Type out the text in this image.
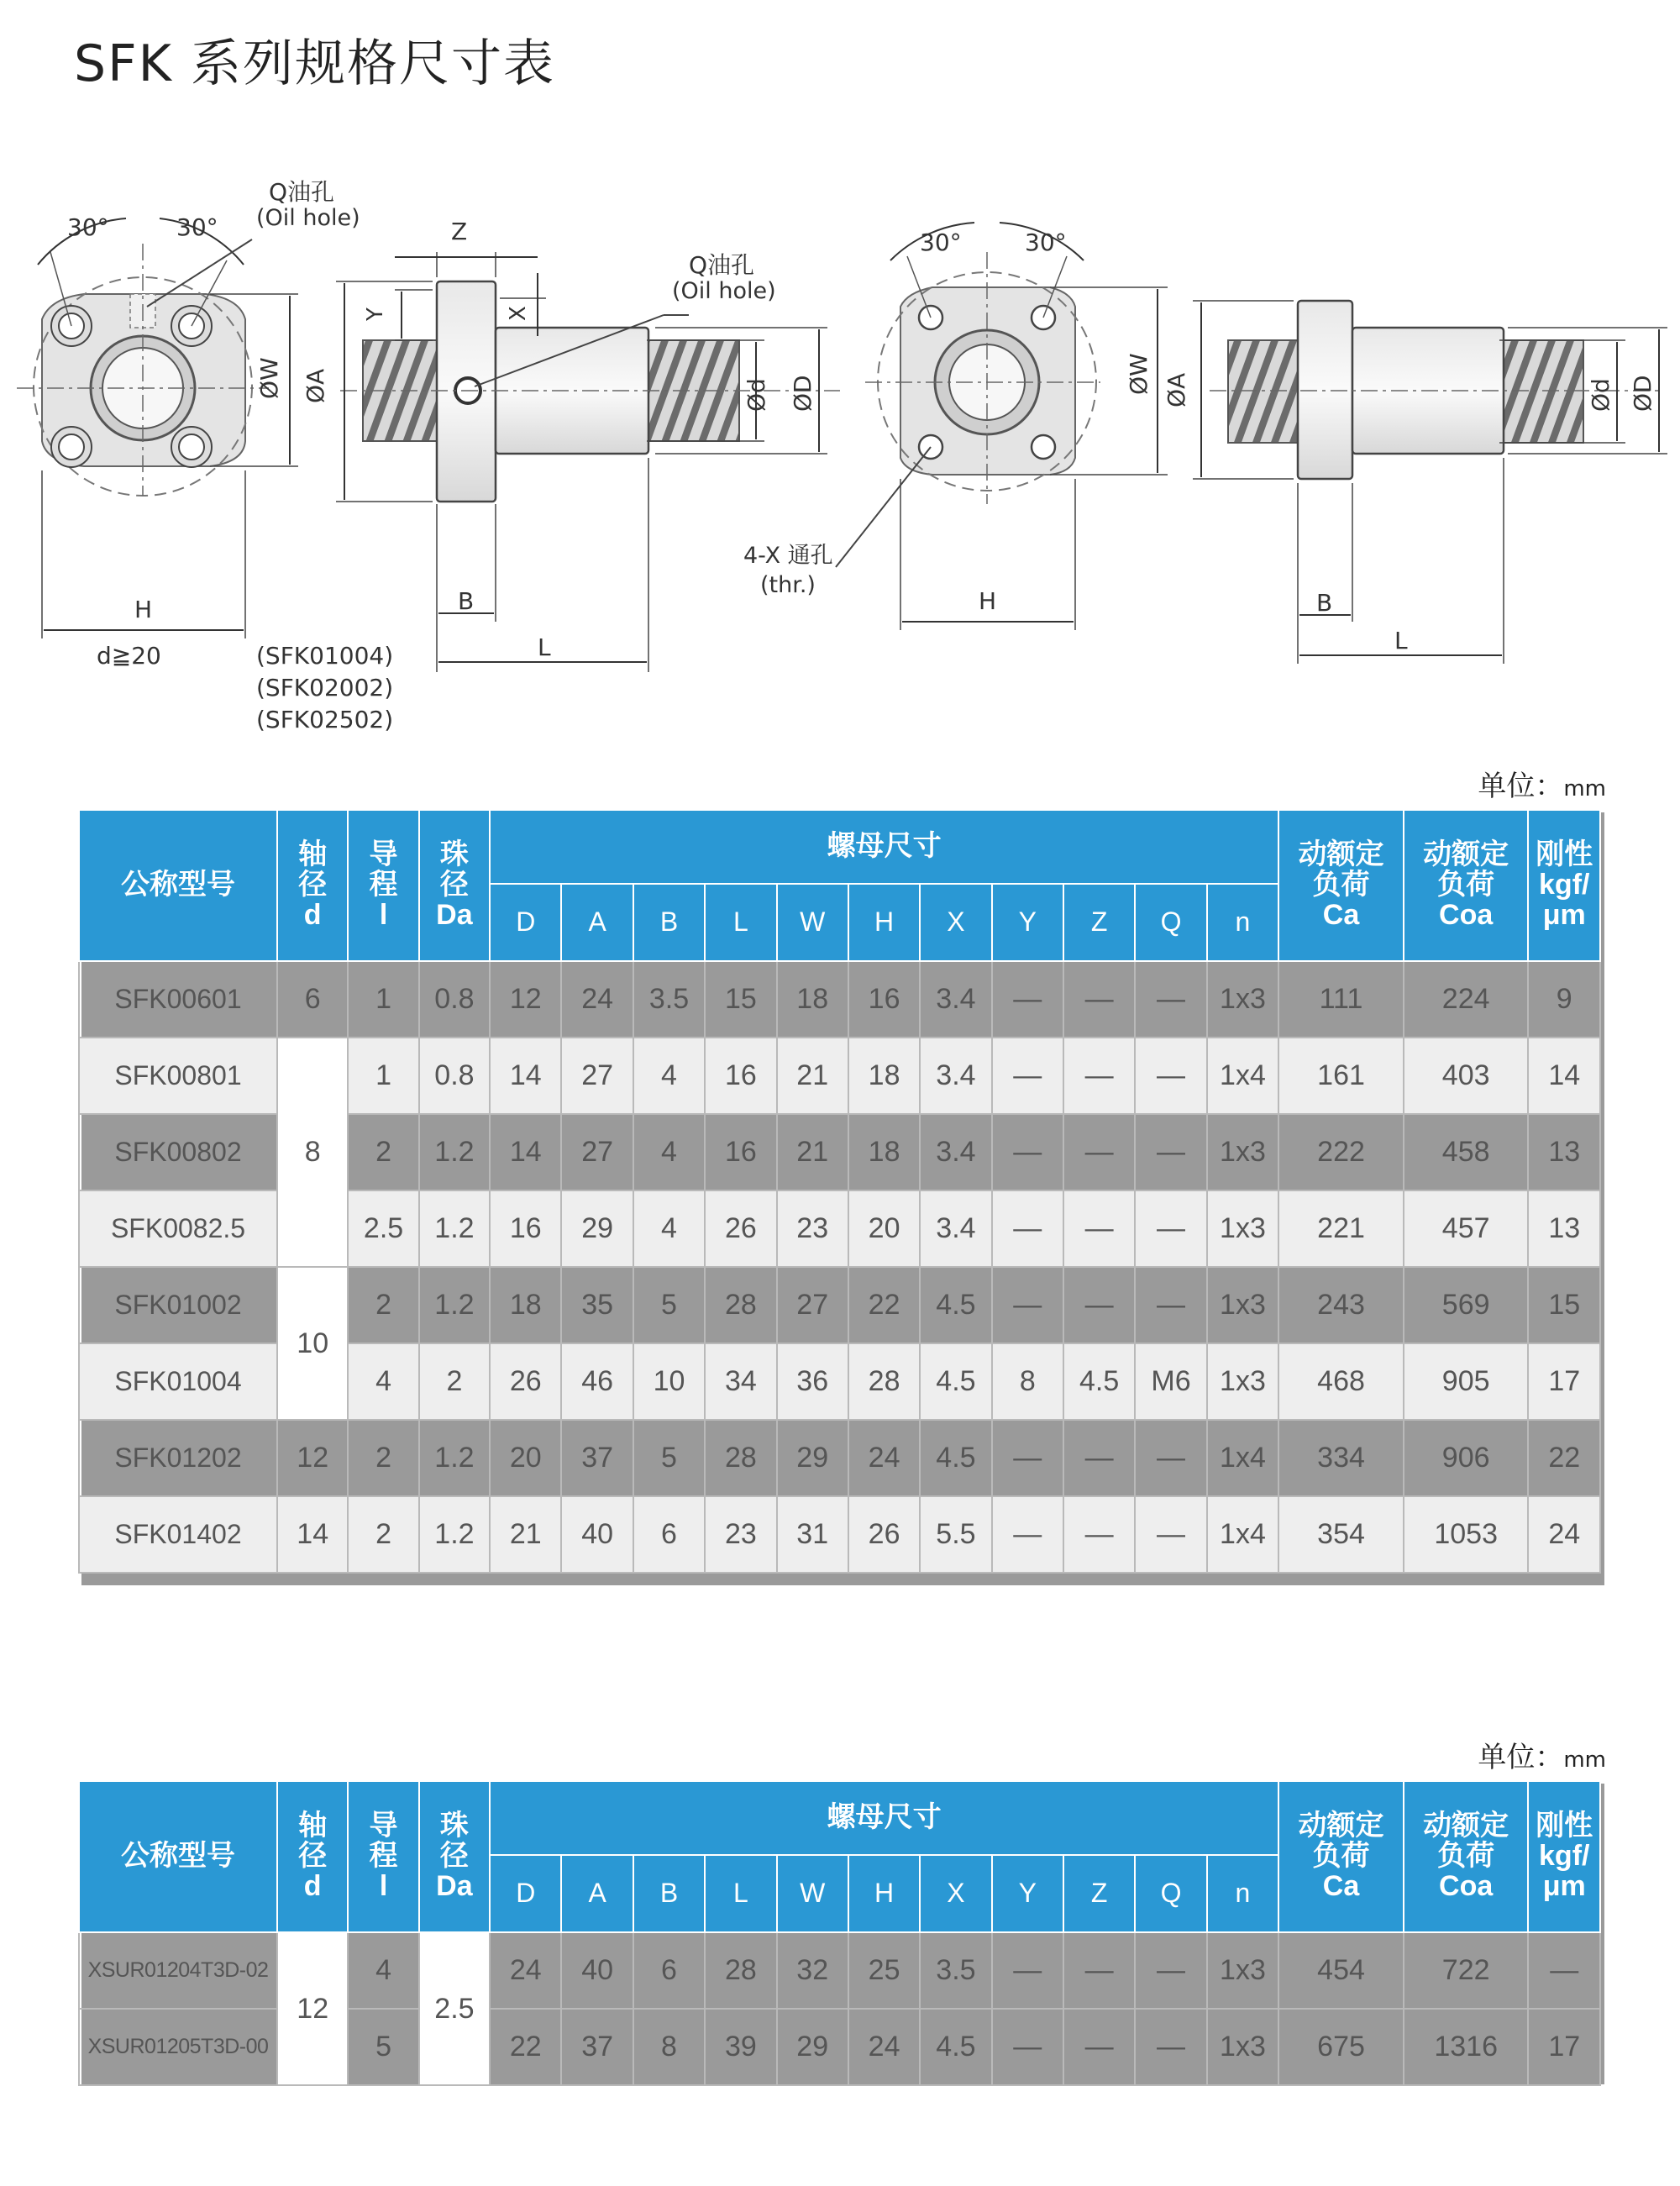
SFK 系列规格尺寸表
30°	30°
Q油孔
(Oil hole)
H
ØW
d≧20
ØA
Z
Y	X
B
L
Ød ØD
Q油孔
(Oil hole)
(SFK01004)
(SFK02002)
(SFK02502)
30°	30°
H
ØW
4-X 通孔
(thr.)
ØA	Ød ØD
B
L
单位：mm
公称型号	轴
径
d	导
程
l	珠
径
Da	螺母尺寸											动额定
负荷
Ca	动额定
负荷
Coa	刚性
kgf/
μm

				D	A	B	L	W	H	X	Y	Z	Q	n			
SFK00601	6	1	0.8	12	24	3.5	15	18	16	3.4	—	—	—	1x3	111	224	9
SFK00801	8	1	0.8	14	27	4	16	21	18	3.4	—	—	—	1x4	161	403	14
SFK00802		2	1.2	14	27	4	16	21	18	3.4	—	—	—	1x3	222	458	13
SFK0082.5		2.5	1.2	16	29	4	26	23	20	3.4	—	—	—	1x3	221	457	13
SFK01002	10	2	1.2	18	35	5	28	27	22	4.5	—	—	—	1x3	243	569	15
SFK01004		4	2	26	46	10	34	36	28	4.5	8	4.5	M6	1x3	468	905	17
SFK01202	12	2	1.2	20	37	5	28	29	24	4.5	—	—	—	1x4	334	906	22
SFK01402	14	2	1.2	21	40	6	23	31	26	5.5	—	—	—	1x4	354	1053	24
单位：mm
公称型号	轴
径
d	导
程
l	珠
径
Da	螺母尺寸											动额定
负荷
Ca	动额定
负荷
Coa	刚性
kgf/
μm

				D	A	B	L	W	H	X	Y	Z	Q	n			
XSUR01204T3D-02	12	4	2.5	24	40	6	28	32	25	3.5	—	—	—	1x3	454	722	—
XSUR01205T3D-00		5		22	37	8	39	29	24	4.5	—	—	—	1x3	675	1316	17
